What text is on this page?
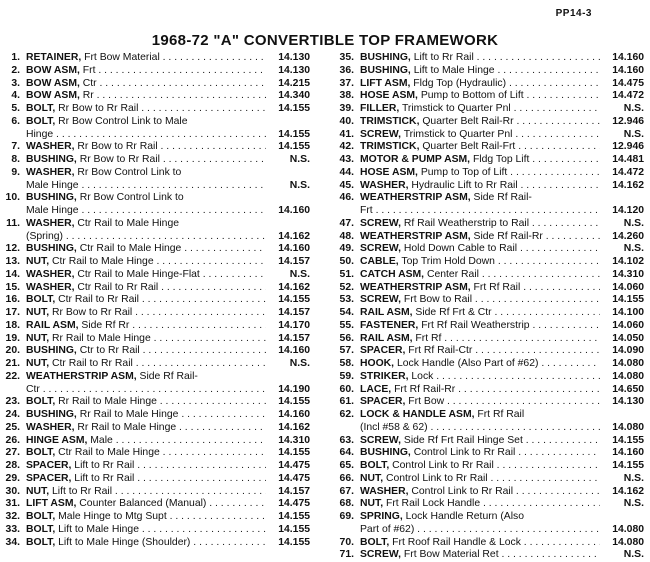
PP14-3
1968-72 "A" CONVERTIBLE TOP FRAMEWORK
1. RETAINER, Frt Bow Material . . .	14.130
2. BOW ASM, Frt . . .	14.130
3. BOW ASM, Ctr . . .	14.215
4. BOW ASM, Rr . . .	14.340
5. BOLT, Rr Bow to Rr Rail . . .	14.155
6. BOLT, Rr Bow Control Link to Male
Hinge . . .	14.155
7. WASHER, Rr Bow to Rr Rail . . .	14.155
8. BUSHING, Rr Bow to Rr Rail . . .	N.S.
9. WASHER, Rr Bow Control Link to
Male Hinge . . .	N.S.
10. BUSHING, Rr Bow Control Link to
Male Hinge . . .	14.160
11. WASHER, Ctr Rail to Male Hinge
(Spring) . . .	14.162
12. BUSHING, Ctr Rail to Male Hinge . . .	14.160
13. NUT, Ctr Rail to Male Hinge . . .	14.157
14. WASHER, Ctr Rail to Male Hinge-Flat . . .	N.S.
15. WASHER, Ctr Rail to Rr Rail . . .	14.162
16. BOLT, Ctr Rail to Rr Rail . . .	14.155
17. NUT, Rr Bow to Rr Rail . . .	14.157
18. RAIL ASM, Side Rf Rr . . .	14.170
19. NUT, Rr Rail to Male Hinge . . .	14.157
20. BUSHING, Ctr to Rr Rail . . .	14.160
21. NUT, Ctr Rail to Rr Rail . . .	N.S.
22. WEATHERSTRIP ASM, Side Rf Rail-
Ctr . . .	14.190
23. BOLT, Rr Rail to Male Hinge . . .	14.155
24. BUSHING, Rr Rail to Male Hinge . . .	14.160
25. WASHER, Rr Rail to Male Hinge . . .	14.162
26. HINGE ASM, Male . . .	14.310
27. BOLT, Ctr Rail to Male Hinge . . .	14.155
28. SPACER, Lift to Rr Rail . . .	14.475
29. SPACER, Lift to Rr Rail . . .	14.475
30. NUT, Lift to Rr Rail . . .	14.157
31. LIFT ASM, Counter Balanced (Manual) . . .	14.475
32. BOLT, Male Hinge to Mtg Supt . . .	14.155
33. BOLT, Lift to Male Hinge . . .	14.155
34. BOLT, Lift to Male Hinge (Shoulder) . . .	14.155
35. BUSHING, Lift to Rr Rail . . .	14.160
36. BUSHING, Lift to Male Hinge . . .	14.160
37. LIFT ASM, Fldg Top (Hydraulic) . . .	14.475
38. HOSE ASM, Pump to Bottom of Lift . . .	14.472
39. FILLER, Trimstick to Quarter Pnl . . .	N.S.
40. TRIMSTICK, Quarter Belt Rail-Rr . . .	12.946
41. SCREW, Trimstick to Quarter Pnl . . .	N.S.
42. TRIMSTICK, Quarter Belt Rail-Frt . . .	12.946
43. MOTOR & PUMP ASM, Fldg Top Lift . . .	14.481
44. HOSE ASM, Pump to Top of Lift . . .	14.472
45. WASHER, Hydraulic Lift to Rr Rail . . .	14.162
46. WEATHERSTRIP ASM, Side Rf Rail-
Frt . . .	14.120
47. SCREW, Rf Rail Weatherstrip to Rail . . .	N.S.
48. WEATHERSTRIP ASM, Side Rf Rail-Rr . . .	14.260
49. SCREW, Hold Down Cable to Rail . . .	N.S.
50. CABLE, Top Trim Hold Down . . .	14.102
51. CATCH ASM, Center Rail . . .	14.310
52. WEATHERSTRIP ASM, Frt Rf Rail . . .	14.060
53. SCREW, Frt Bow to Rail . . .	14.155
54. RAIL ASM, Side Rf Frt & Ctr . . .	14.100
55. FASTENER, Frt Rf Rail Weatherstrip . . .	14.060
56. RAIL ASM, Frt Rf . . .	14.050
57. SPACER, Frt Rf Rail-Ctr . . .	14.090
58. HOOK, Lock Handle (Also Part of #62) . . .	14.080
59. STRIKER, Lock . . .	14.080
60. LACE, Frt Rf Rail-Rr . . .	14.650
61. SPACER, Frt Bow . . .	14.130
62. LOCK & HANDLE ASM, Frt Rf Rail
(Incl #58 & 62) . . .	14.080
63. SCREW, Side Rf Frt Rail Hinge Set . . .	14.155
64. BUSHING, Control Link to Rr Rail . . .	14.160
65. BOLT, Control Link to Rr Rail . . .	14.155
66. NUT, Control Link to Rr Rail . . .	N.S.
67. WASHER, Control Link to Rr Rail . . .	14.162
68. NUT, Frt Rail Lock Handle . . .	N.S.
69. SPRING, Lock Handle Return (Also
Part of #62) . . .	14.080
70. BOLT, Frt Roof Rail Handle & Lock . . .	14.080
71. SCREW, Frt Bow Material Ret . . .	N.S.
